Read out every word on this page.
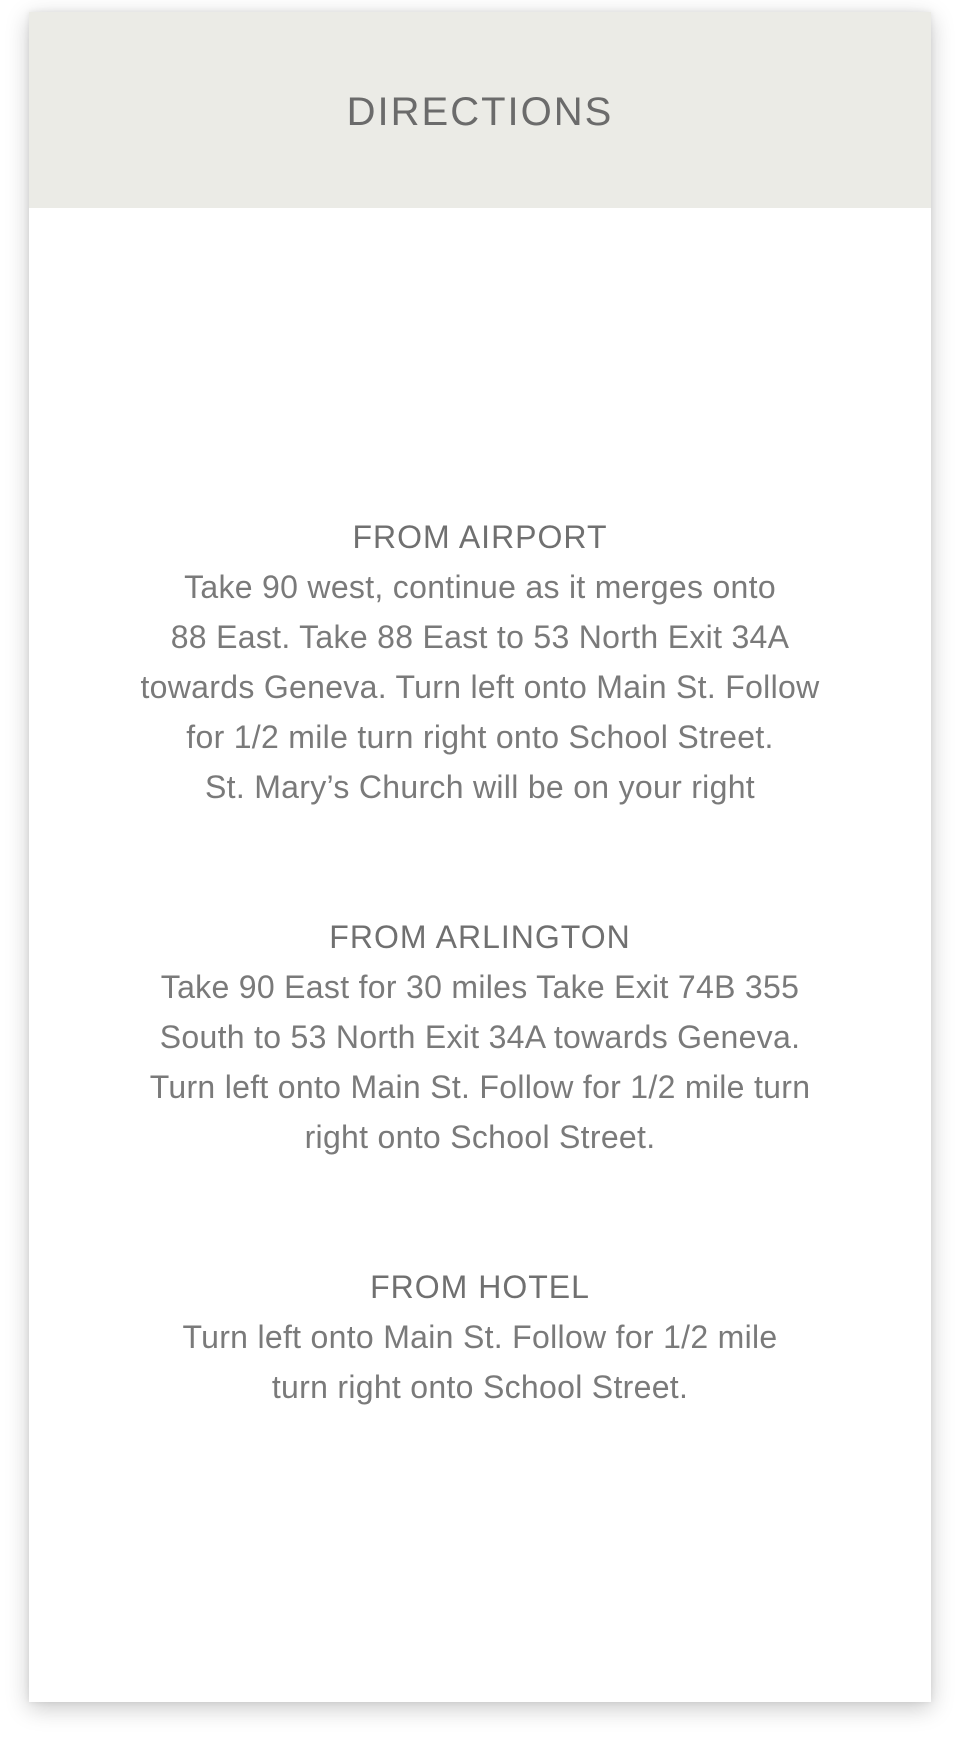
DIRECTIONS

FROM AIRPORT

Take 90 west, continue as it merges onto

88 East. Take 88 East to 53 North Exit 34A

towards Geneva. Turn left onto Main St. Follow

for 1/2 mile turn right onto School Street.

St. Mary’s Church will be on your right

FROM ARLINGTON

Take 90 East for 30 miles Take Exit 74B 355

South to 53 North Exit 34A towards Geneva.

Turn left onto Main St. Follow for 1/2 mile turn

right onto School Street.

FROM HOTEL

Turn left onto Main St. Follow for 1/2 mile

turn right onto School Street.
